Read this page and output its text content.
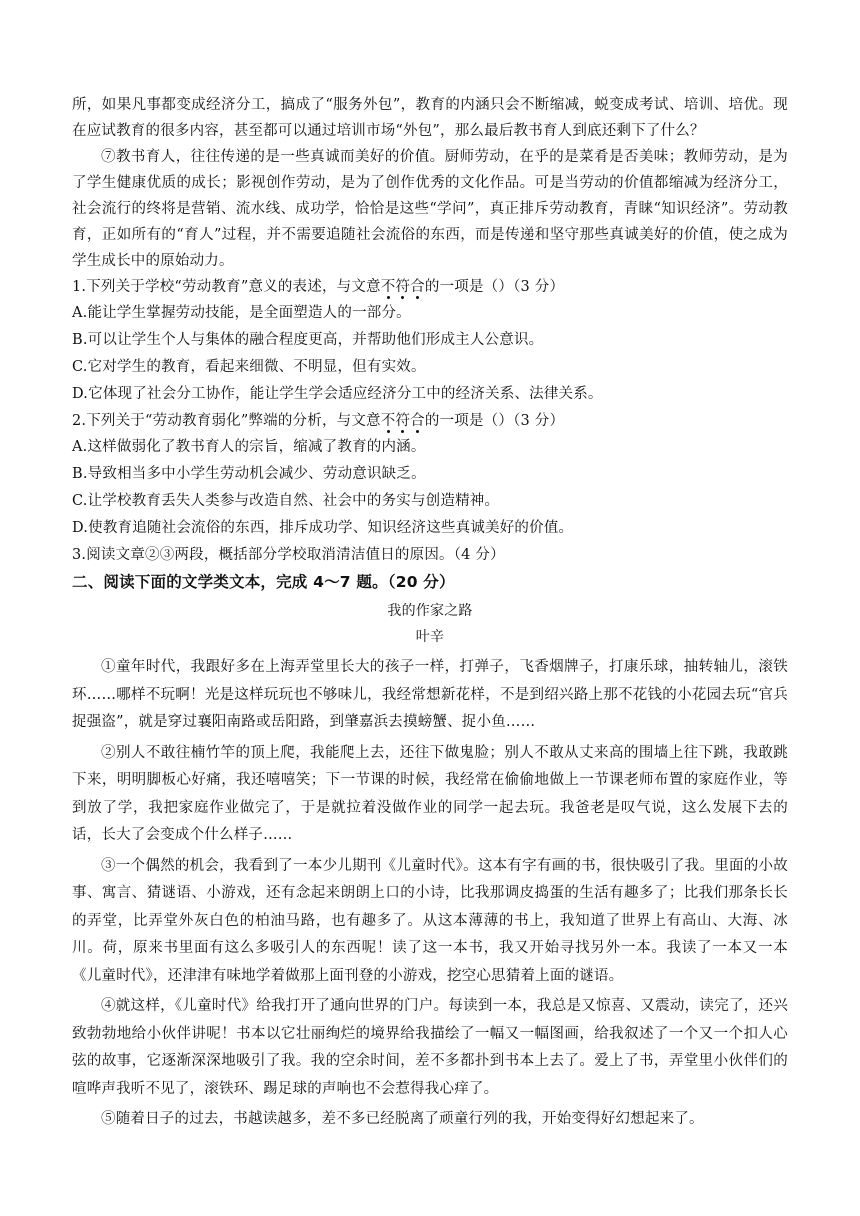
所，如果凡事都变成经济分工，搞成了“服务外包”，教育的内涵只会不断缩减，蜕变成考试、培训、培优。现在应试教育的很多内容，甚至都可以通过培训市场“外包”，那么最后教书育人到底还剩下了什么？

⑦教书育人，往往传递的是一些真诚而美好的价值。厨师劳动，在乎的是菜肴是否美味；教师劳动，是为了学生健康优质的成长；影视创作劳动，是为了创作优秀的文化作品。可是当劳动的价值都缩减为经济分工，社会流行的终将是营销、流水线、成功学，恰恰是这些“学问”，真正排斥劳动教育，青睐“知识经济”。劳动教育，正如所有的“育人”过程，并不需要追随社会流俗的东西，而是传递和坚守那些真诚美好的价值，使之成为学生成长中的原始动力。

1.下列关于学校“劳动教育”意义的表述，与文意不符合的一项是（）（3 分）

A.能让学生掌握劳动技能，是全面塑造人的一部分。

B.可以让学生个人与集体的融合程度更高，并帮助他们形成主人公意识。

C.它对学生的教育，看起来细微、不明显，但有实效。

D.它体现了社会分工协作，能让学生学会适应经济分工中的经济关系、法律关系。

2.下列关于“劳动教育弱化”弊端的分析，与文意不符合的一项是（）（3 分）

A.这样做弱化了教书育人的宗旨，缩减了教育的内涵。

B.导致相当多中小学生劳动机会减少、劳动意识缺乏。

C.让学校教育丢失人类参与改造自然、社会中的务实与创造精神。

D.使教育追随社会流俗的东西，排斥成功学、知识经济这些真诚美好的价值。

3.阅读文章②③两段，概括部分学校取消清洁值日的原因。（4 分）

二、阅读下面的文学类文本，完成 4～7 题。（20 分）

我的作家之路

叶辛

①童年时代，我跟好多在上海弄堂里长大的孩子一样，打弹子，飞香烟牌子，打康乐球，抽转轴儿，滚铁环……哪样不玩啊！光是这样玩玩也不够味儿，我经常想新花样，不是到绍兴路上那不花钱的小花园去玩“官兵捉强盗”，就是穿过襄阳南路或岳阳路，到肇嘉浜去摸螃蟹、捉小鱼……

②别人不敢往楠竹竿的顶上爬，我能爬上去，还往下做鬼脸；别人不敢从丈来高的围墙上往下跳，我敢跳下来，明明脚板心好痛，我还嘻嘻笑；下一节课的时候，我经常在偷偷地做上一节课老师布置的家庭作业，等到放了学，我把家庭作业做完了，于是就拉着没做作业的同学一起去玩。我爸老是叹气说，这么发展下去的话，长大了会变成个什么样子……

③一个偶然的机会，我看到了一本少儿期刊《儿童时代》。这本有字有画的书，很快吸引了我。里面的小故事、寓言、猜谜语、小游戏，还有念起来朗朗上口的小诗，比我那调皮捣蛋的生活有趣多了；比我们那条长长的弄堂，比弄堂外灰白色的柏油马路，也有趣多了。从这本薄薄的书上，我知道了世界上有高山、大海、冰川。荷，原来书里面有这么多吸引人的东西呢！读了这一本书，我又开始寻找另外一本。我读了一本又一本《儿童时代》，还津津有味地学着做那上面刊登的小游戏，挖空心思猜着上面的谜语。

④就这样，《儿童时代》给我打开了通向世界的门户。每读到一本，我总是又惊喜、又震动，读完了，还兴致勃勃地给小伙伴讲呢！书本以它壮丽绚烂的境界给我描绘了一幅又一幅图画，给我叙述了一个又一个扣人心弦的故事，它逐渐深深地吸引了我。我的空余时间，差不多都扑到书本上去了。爱上了书，弄堂里小伙伴们的喧哗声我听不见了，滚铁环、踢足球的声响也不会惹得我心痒了。

⑤随着日子的过去，书越读越多，差不多已经脱离了顽童行列的我，开始变得好幻想起来了。
